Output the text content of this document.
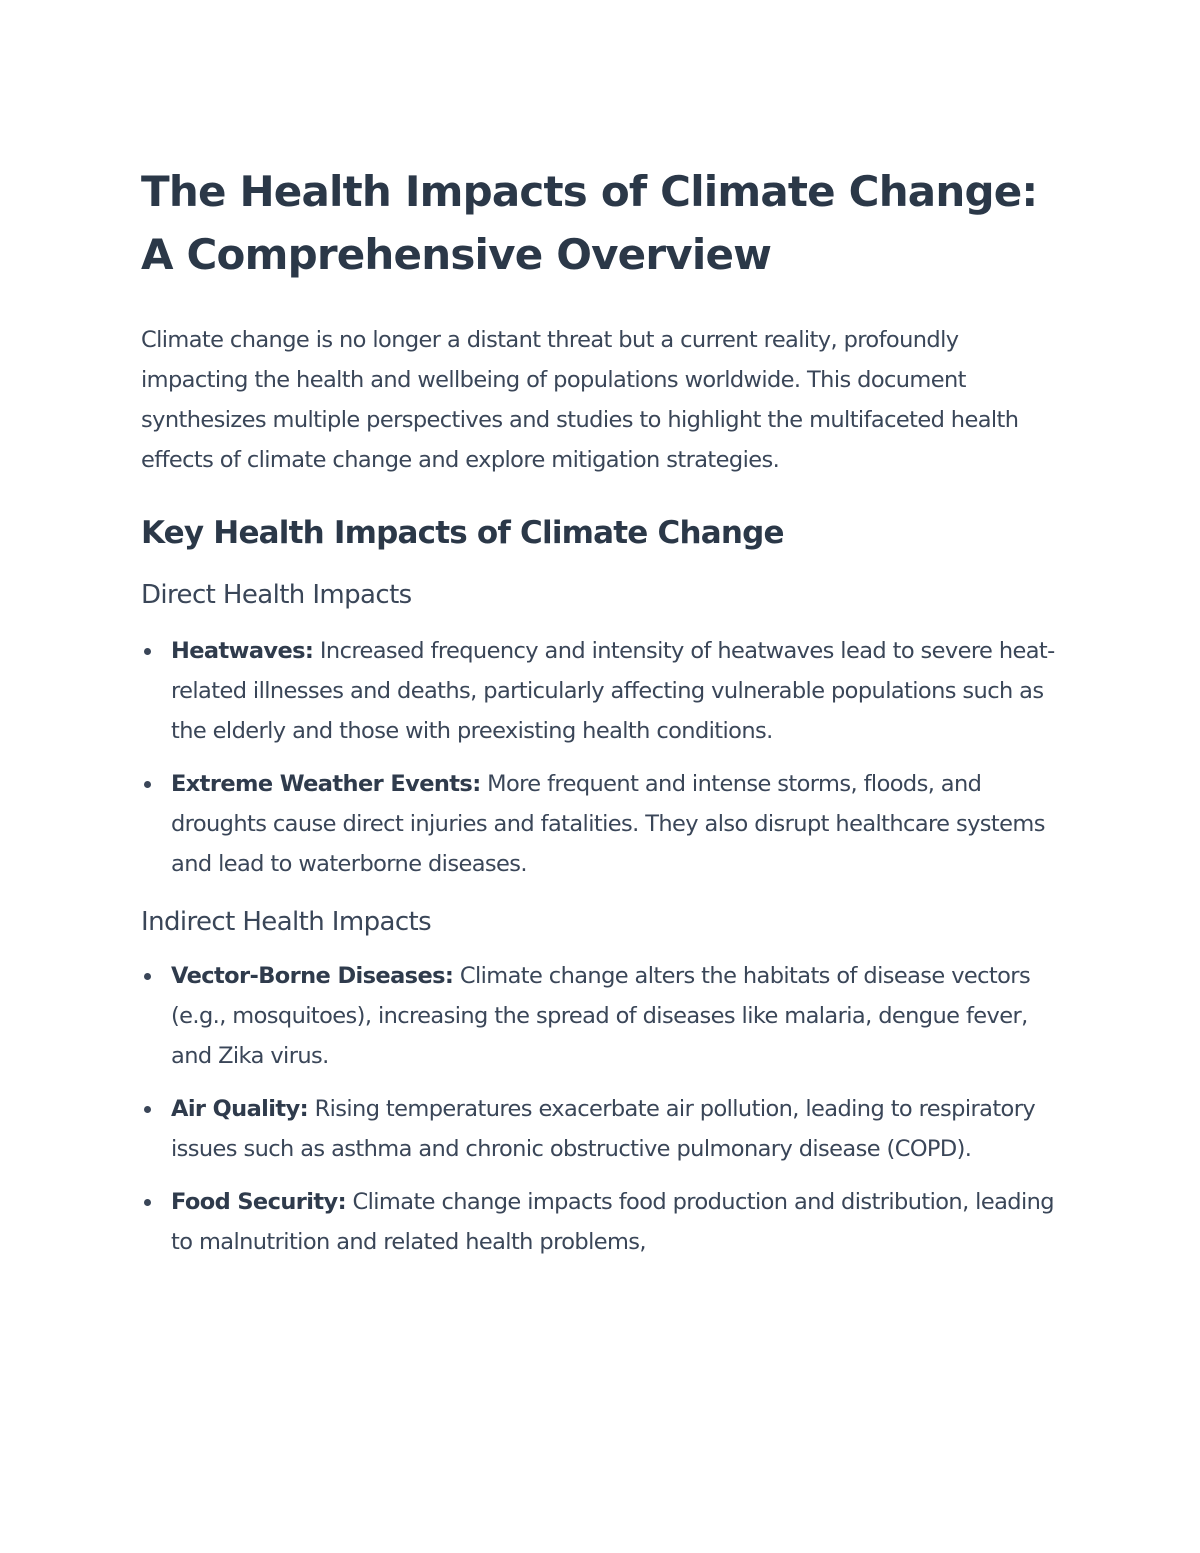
The Health Impacts of Climate Change:
A Comprehensive Overview

Climate change is no longer a distant threat but a current reality, profoundly impacting the health and wellbeing of populations worldwide. This document synthesizes multiple perspectives and studies to highlight the multifaceted health effects of climate change and explore mitigation strategies.

Key Health Impacts of Climate Change
Direct Health Impacts
Heatwaves: Increased frequency and intensity of heatwaves lead to severe heat-related illnesses and deaths, particularly affecting vulnerable populations such as the elderly and those with preexisting health conditions.
Extreme Weather Events: More frequent and intense storms, floods, and droughts cause direct injuries and fatalities. They also disrupt healthcare systems and lead to waterborne diseases.
Indirect Health Impacts
Vector-Borne Diseases: Climate change alters the habitats of disease vectors (e.g., mosquitoes), increasing the spread of diseases like malaria, dengue fever, and Zika virus.
Air Quality: Rising temperatures exacerbate air pollution, leading to respiratory issues such as asthma and chronic obstructive pulmonary disease (COPD).
Food Security: Climate change impacts food production and distribution, leading to malnutrition and related health problems,
